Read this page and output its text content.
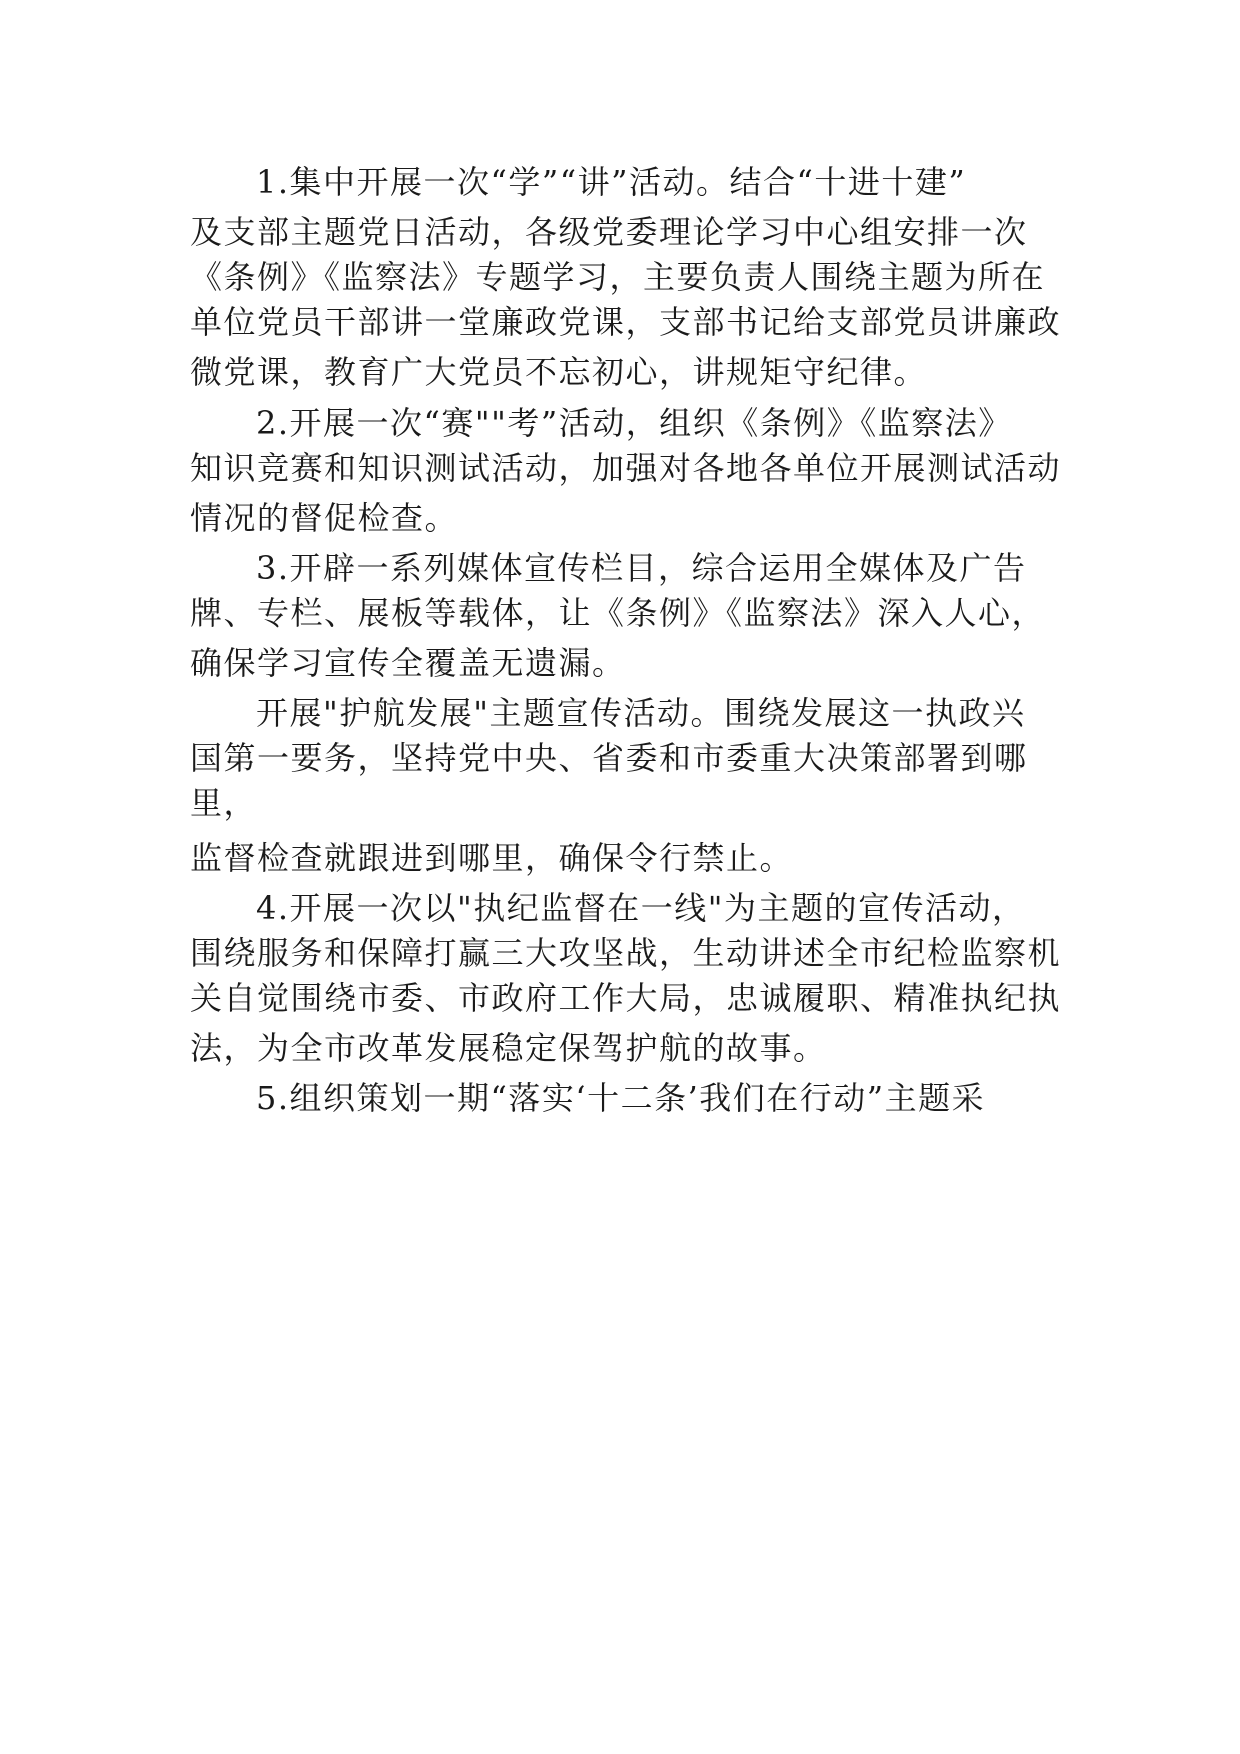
1.集中开展一次“学”“讲”活动。结合“十进十建”
及支部主题党日活动，各级党委理论学习中心组安排一次
《条例》《监察法》专题学习，主要负责人围绕主题为所在
单位党员干部讲一堂廉政党课，支部书记给支部党员讲廉政
微党课，教育广大党员不忘初心，讲规矩守纪律。
2.开展一次“赛""考”活动，组织《条例》《监察法》
知识竞赛和知识测试活动，加强对各地各单位开展测试活动
情况的督促检查。
3.开辟一系列媒体宣传栏目，综合运用全媒体及广告
牌、专栏、展板等载体，让《条例》《监察法》深入人心，
确保学习宣传全覆盖无遗漏。
开展"护航发展"主题宣传活动。围绕发展这一执政兴
国第一要务，坚持党中央、省委和市委重大决策部署到哪
里，
监督检查就跟进到哪里，确保令行禁止。
4.开展一次以"执纪监督在一线"为主题的宣传活动，
围绕服务和保障打赢三大攻坚战，生动讲述全市纪检监察机
关自觉围绕市委、市政府工作大局，忠诚履职、精准执纪执
法，为全市改革发展稳定保驾护航的故事。
5.组织策划一期“落实‘十二条’我们在行动”主题采
